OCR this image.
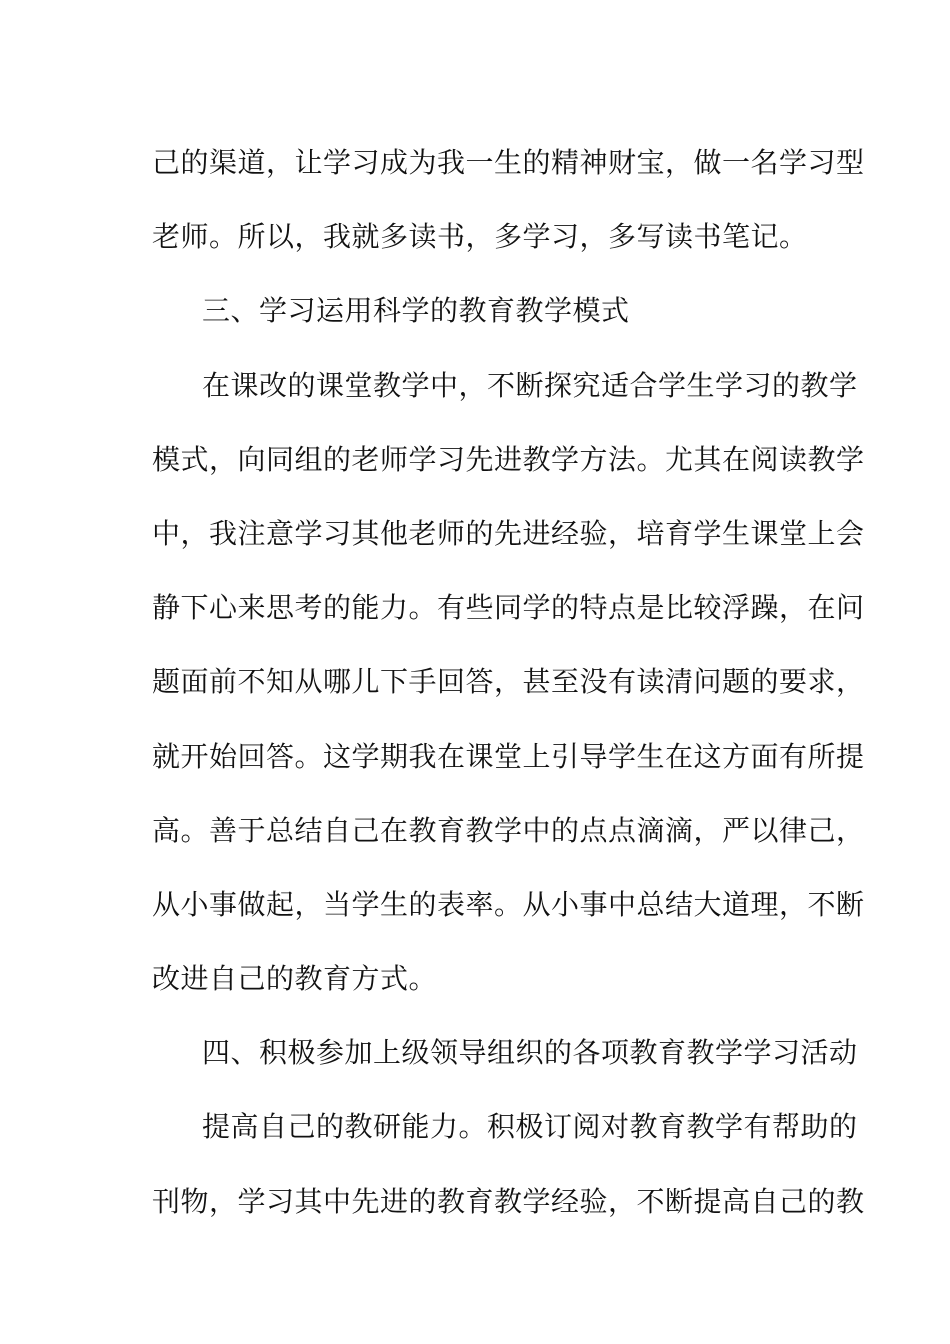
己的渠道，让学习成为我一生的精神财宝，做一名学习型
老师。所以，我就多读书，多学习，多写读书笔记。
三、学习运用科学的教育教学模式
在课改的课堂教学中，不断探究适合学生学习的教学
模式，向同组的老师学习先进教学方法。尤其在阅读教学
中，我注意学习其他老师的先进经验，培育学生课堂上会
静下心来思考的能力。有些同学的特点是比较浮躁，在问
题面前不知从哪儿下手回答，甚至没有读清问题的要求，
就开始回答。这学期我在课堂上引导学生在这方面有所提
高。善于总结自己在教育教学中的点点滴滴，严以律己，
从小事做起，当学生的表率。从小事中总结大道理，不断
改进自己的教育方式。
四、积极参加上级领导组织的各项教育教学学习活动
提高自己的教研能力。积极订阅对教育教学有帮助的
刊物，学习其中先进的教育教学经验，不断提高自己的教
